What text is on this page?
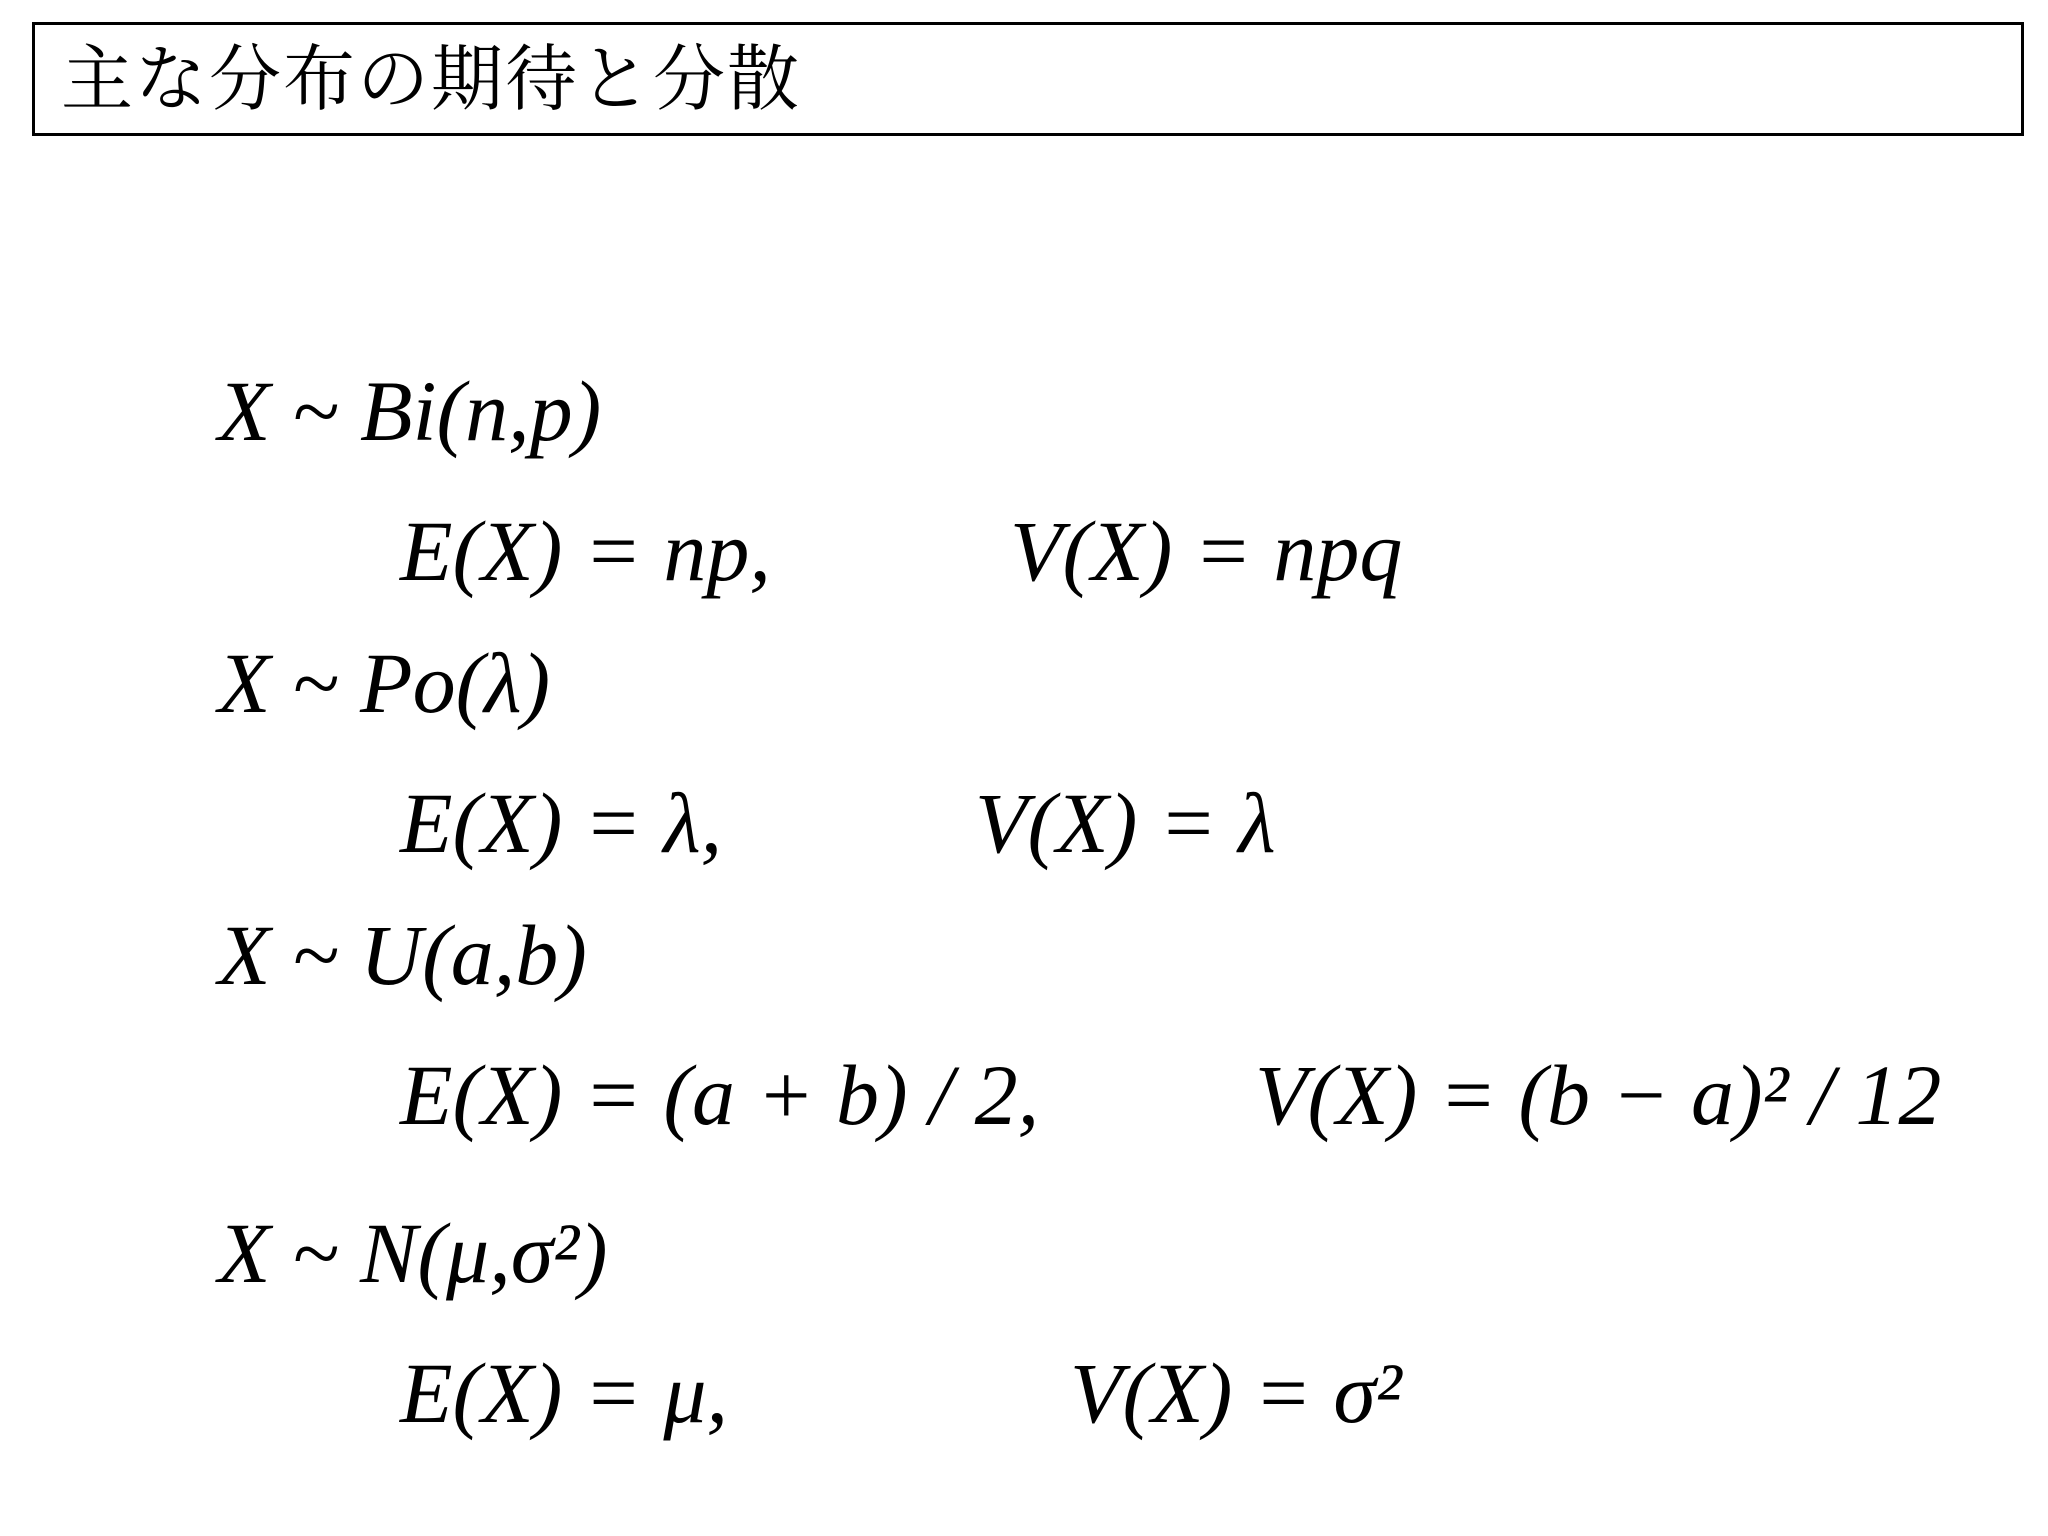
主な分布の期待と分散
X ~ Bi(n,p)
E(X) = np,	V(X) = npq
X ~ Po(λ)
E(X) = λ,	V(X) = λ
X ~ U(a,b)
E(X) = (a + b) / 2,	V(X) = (b − a)² / 12
X ~ N(μ,σ²)
E(X) = μ,	V(X) = σ²
